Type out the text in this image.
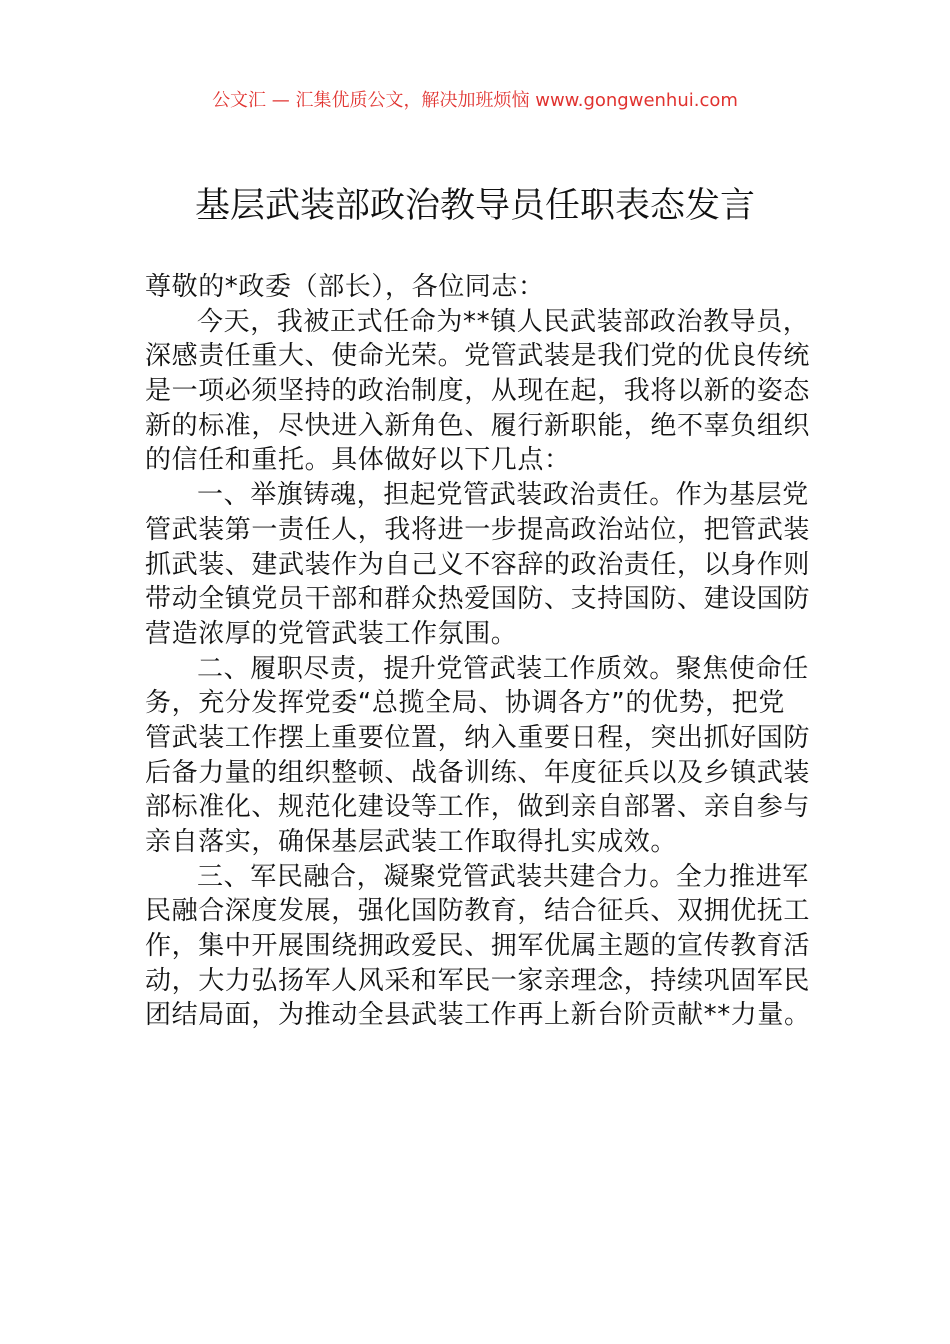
公文汇 — 汇集优质公文，解决加班烦恼 www.gongwenhui.com
基层武装部政治教导员任职表态发言
尊敬的*政委（部长），各位同志：
今天，我被正式任命为**镇人民武装部政治教导员，
深感责任重大、使命光荣。党管武装是我们党的优良传统
是一项必须坚持的政治制度，从现在起，我将以新的姿态
新的标准，尽快进入新角色、履行新职能，绝不辜负组织
的信任和重托。具体做好以下几点：
一、举旗铸魂，担起党管武装政治责任。作为基层党
管武装第一责任人，我将进一步提高政治站位，把管武装
抓武装、建武装作为自己义不容辞的政治责任，以身作则
带动全镇党员干部和群众热爱国防、支持国防、建设国防
营造浓厚的党管武装工作氛围。
二、履职尽责，提升党管武装工作质效。聚焦使命任
务，充分发挥党委“总揽全局、协调各方”的优势，把党
管武装工作摆上重要位置，纳入重要日程，突出抓好国防
后备力量的组织整顿、战备训练、年度征兵以及乡镇武装
部标准化、规范化建设等工作，做到亲自部署、亲自参与
亲自落实，确保基层武装工作取得扎实成效。
三、军民融合，凝聚党管武装共建合力。全力推进军
民融合深度发展，强化国防教育，结合征兵、双拥优抚工
作，集中开展围绕拥政爱民、拥军优属主题的宣传教育活
动，大力弘扬军人风采和军民一家亲理念，持续巩固军民
团结局面，为推动全县武装工作再上新台阶贡献**力量。
